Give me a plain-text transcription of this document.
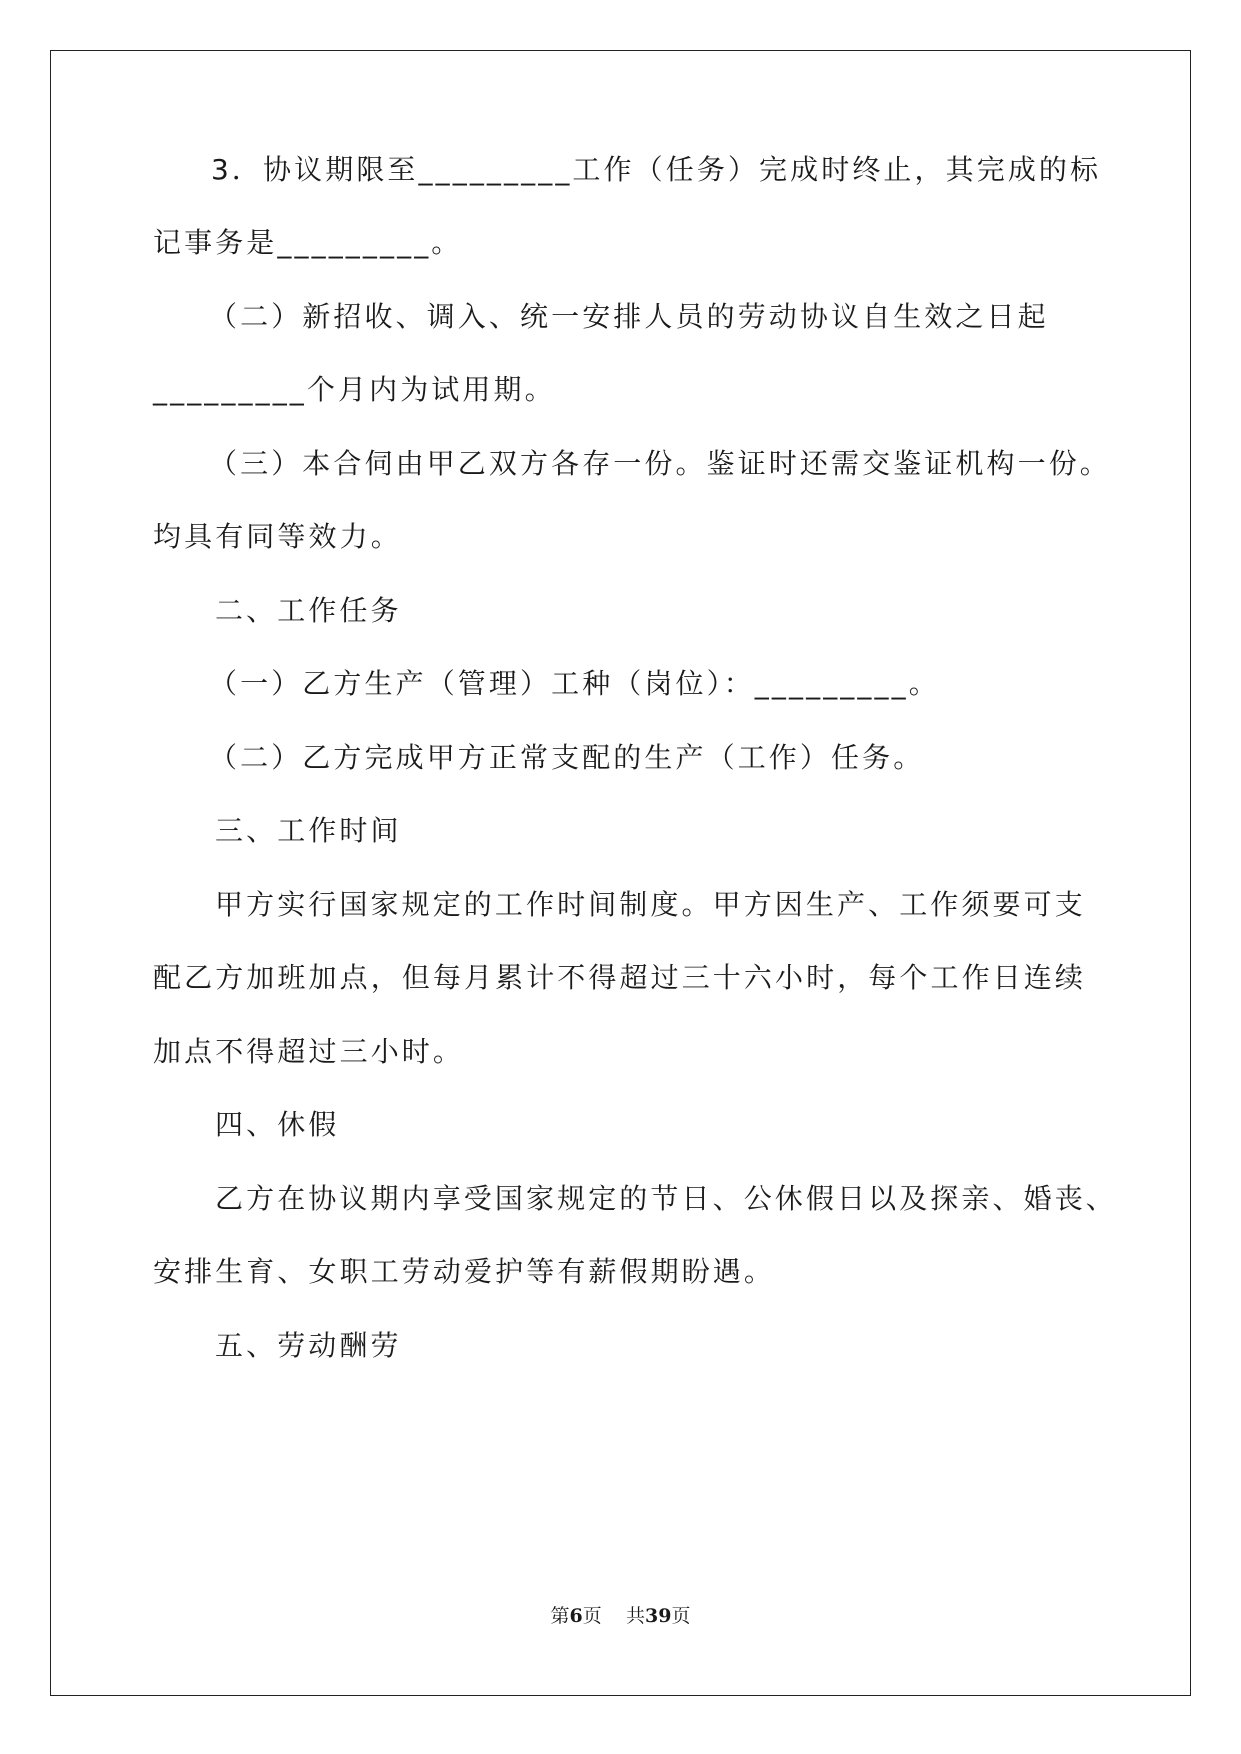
3．协议期限至_________工作（任务）完成时终止，其完成的标
记事务是_________。
（二）新招收、调入、统一安排人员的劳动协议自生效之日起
_________个月内为试用期。
（三）本合伺由甲乙双方各存一份。鉴证时还需交鉴证机构一份。
均具有同等效力。
二、工作任务
（一）乙方生产（管理）工种（岗位）：_________。
（二）乙方完成甲方正常支配的生产（工作）任务。
三、工作时间
甲方实行国家规定的工作时间制度。甲方因生产、工作须要可支
配乙方加班加点，但每月累计不得超过三十六小时，每个工作日连续
加点不得超过三小时。
四、休假
乙方在协议期内享受国家规定的节日、公休假日以及探亲、婚丧、
安排生育、女职工劳动爱护等有薪假期盼遇。
五、劳动酬劳
第6页 共39页
